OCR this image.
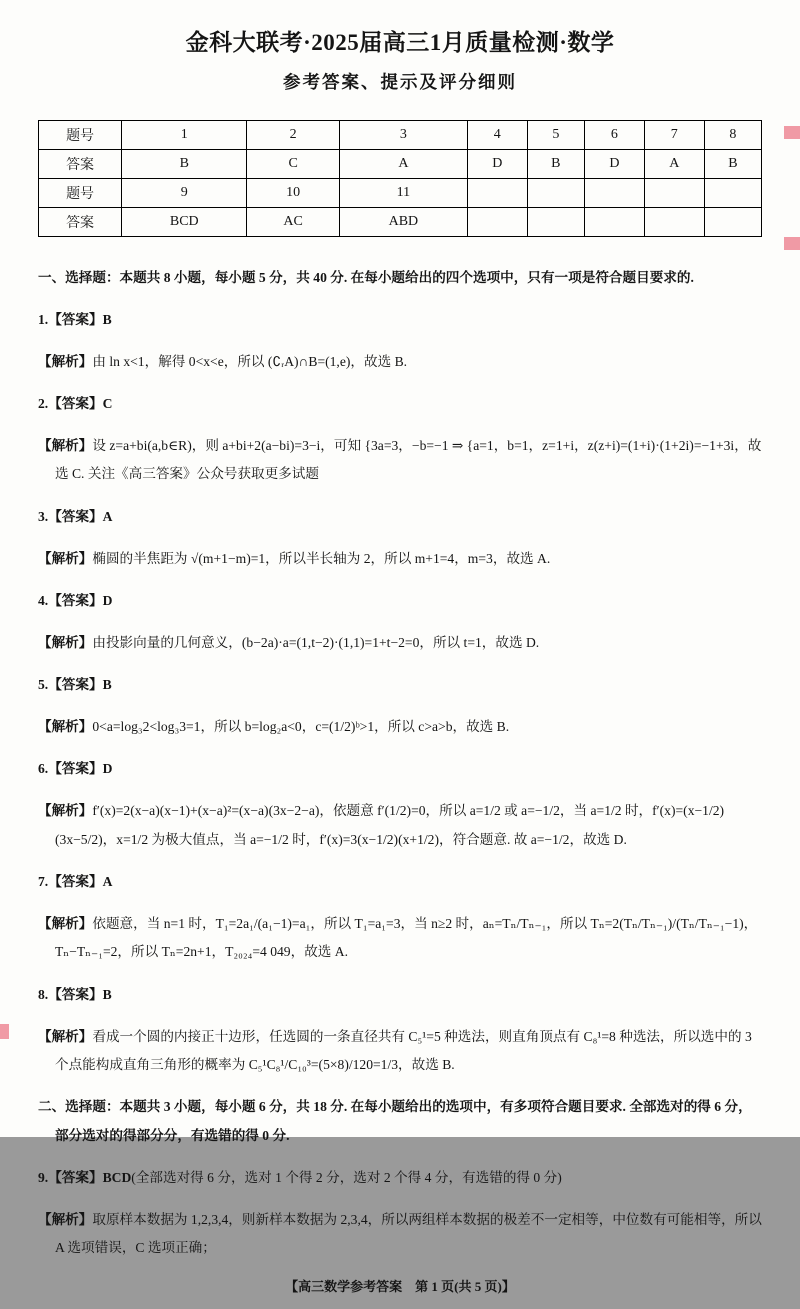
金科大联考·2025届高三1月质量检测·数学
参考答案、提示及评分细则
题号	1	2	3	4	5	6	7	8
答案	B	C	A	D	B	D	A	B
题号	9	10	11					
答案	BCD	AC	ABD					

一、选择题：本题共 8 小题，每小题 5 分，共 40 分. 在每小题给出的四个选项中，只有一项是符合题目要求的.

1.【答案】B

【解析】由 ln x<1，解得 0<x<e，所以 (∁ᵣA)∩B=(1,e)，故选 B.

2.【答案】C

【解析】设 z=a+bi(a,b∈R)，则 a+bi+2(a−bi)=3−i，可知 {3a=3，−b=−1 ⇒ {a=1，b=1，z=1+i，z(z+i)=(1+i)·(1+2i)=−1+3i，故选 C. 关注《高三答案》公众号获取更多试题

3.【答案】A

【解析】椭圆的半焦距为 √(m+1−m)=1，所以半长轴为 2，所以 m+1=4，m=3，故选 A.

4.【答案】D

【解析】由投影向量的几何意义，(b−2a)·a=(1,t−2)·(1,1)=1+t−2=0，所以 t=1，故选 D.

5.【答案】B

【解析】0<a=log₃2<log₃3=1，所以 b=log₂a<0，c=(1/2)ᵇ>1，所以 c>a>b，故选 B.

6.【答案】D

【解析】f′(x)=2(x−a)(x−1)+(x−a)²=(x−a)(3x−2−a)，依题意 f′(1/2)=0，所以 a=1/2 或 a=−1/2，当 a=1/2 时，f′(x)=(x−1/2)(3x−5/2)，x=1/2 为极大值点，当 a=−1/2 时，f′(x)=3(x−1/2)(x+1/2)，符合题意. 故 a=−1/2，故选 D.

7.【答案】A

【解析】依题意，当 n=1 时，T₁=2a₁/(a₁−1)=a₁，所以 T₁=a₁=3，当 n≥2 时，aₙ=Tₙ/Tₙ₋₁，所以 Tₙ=2(Tₙ/Tₙ₋₁)/(Tₙ/Tₙ₋₁−1)，Tₙ−Tₙ₋₁=2，所以 Tₙ=2n+1，T₂₀₂₄=4 049，故选 A.

8.【答案】B

【解析】看成一个圆的内接正十边形，任选圆的一条直径共有 C₅¹=5 种选法，则直角顶点有 C₈¹=8 种选法，所以选中的 3 个点能构成直角三角形的概率为 C₅¹C₈¹/C₁₀³=(5×8)/120=1/3，故选 B.

二、选择题：本题共 3 小题，每小题 6 分，共 18 分. 在每小题给出的选项中，有多项符合题目要求. 全部选对的得 6 分，部分选对的得部分分，有选错的得 0 分.

9.【答案】BCD(全部选对得 6 分，选对 1 个得 2 分，选对 2 个得 4 分，有选错的得 0 分)

【解析】取原样本数据为 1,2,3,4，则新样本数据为 2,3,4，所以两组样本数据的极差不一定相等，中位数有可能相等，所以 A 选项错误，C 选项正确；

【高三数学参考答案　第 1 页(共 5 页)】
